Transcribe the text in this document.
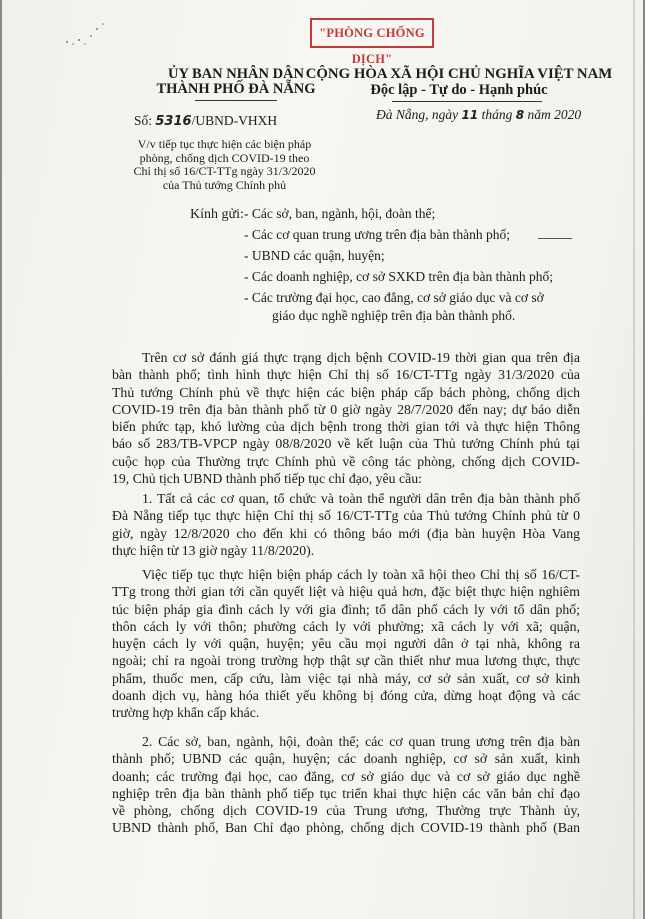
"PHÒNG CHỐNG DỊCH"
ỦY BAN NHÂN DÂN
THÀNH PHỐ ĐÀ NẴNG
Số: 5316/UBND-VHXH
V/v tiếp tục thực hiện các biện pháp
phòng, chống dịch COVID-19 theo
Chỉ thị số 16/CT-TTg ngày 31/3/2020
của Thủ tướng Chính phủ
CỘNG HÒA XÃ HỘI CHỦ NGHĨA VIỆT NAM
Độc lập - Tự do - Hạnh phúc
Đà Nẵng, ngày 11 tháng 8 năm 2020
Kính gửi: - Các sở, ban, ngành, hội, đoàn thể;
- Các cơ quan trung ương trên địa bàn thành phố;
- UBND các quận, huyện;
- Các doanh nghiệp, cơ sở SXKD trên địa bàn thành phố;
- Các trường đại học, cao đẳng, cơ sở giáo dục và cơ sở
giáo dục nghề nghiệp trên địa bàn thành phố.
Trên cơ sở đánh giá thực trạng dịch bệnh COVID-19 thời gian qua trên địa
bàn thành phố; tình hình thực hiện Chỉ thị số 16/CT-TTg ngày 31/3/2020 của
Thủ tướng Chính phủ về thực hiện các biện pháp cấp bách phòng, chống dịch
COVID-19 trên địa bàn thành phố từ 0 giờ ngày 28/7/2020 đến nay; dự báo diễn
biến phức tạp, khó lường của dịch bệnh trong thời gian tới và thực hiện Thông
báo số 283/TB-VPCP ngày 08/8/2020 về kết luận của Thủ tướng Chính phủ tại
cuộc họp của Thường trực Chính phủ về công tác phòng, chống dịch COVID-
19, Chủ tịch UBND thành phố tiếp tục chỉ đạo, yêu cầu:
1. Tất cả các cơ quan, tổ chức và toàn thể người dân trên địa bàn thành phố
Đà Nẵng tiếp tục thực hiện Chỉ thị số 16/CT-TTg của Thủ tướng Chính phủ từ 0
giờ, ngày 12/8/2020 cho đến khi có thông báo mới (địa bàn huyện Hòa Vang
thực hiện từ 13 giờ ngày 11/8/2020).
Việc tiếp tục thực hiện biện pháp cách ly toàn xã hội theo Chỉ thị số 16/CT-
TTg trong thời gian tới cần quyết liệt và hiệu quả hơn, đặc biệt thực hiện nghiêm
túc biện pháp gia đình cách ly với gia đình; tổ dân phố cách ly với tổ dân phố;
thôn cách ly với thôn; phường cách ly với phường; xã cách ly với xã; quận,
huyện cách ly với quận, huyện; yêu cầu mọi người dân ở tại nhà, không ra
ngoài; chỉ ra ngoài trong trường hợp thật sự cần thiết như mua lương thực, thực
phẩm, thuốc men, cấp cứu, làm việc tại nhà máy, cơ sở sản xuất, cơ sở kinh
doanh dịch vụ, hàng hóa thiết yếu không bị đóng cửa, dừng hoạt động và các
trường hợp khẩn cấp khác.
2. Các sở, ban, ngành, hội, đoàn thể; các cơ quan trung ương trên địa bàn
thành phố; UBND các quận, huyện; các doanh nghiệp, cơ sở sản xuất, kinh
doanh; các trường đại học, cao đẳng, cơ sở giáo dục và cơ sở giáo dục nghề
nghiệp trên địa bàn thành phố tiếp tục triển khai thực hiện các văn bản chỉ đạo
về phòng, chống dịch COVID-19 của Trung ương, Thường trực Thành ủy,
UBND thành phố, Ban Chỉ đạo phòng, chống dịch COVID-19 thành phố (Ban
